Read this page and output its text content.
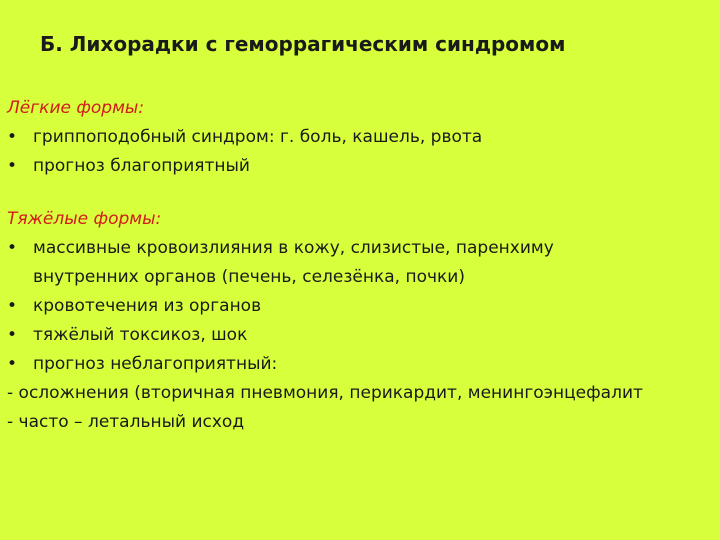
Б. Лихорадки с геморрагическим синдромом
Лёгкие формы:
• гриппоподобный синдром: г. боль, кашель, рвота
• прогноз благоприятный
Тяжёлые формы:
• массивные кровоизлияния в кожу, слизистые, паренхиму
внутренних органов (печень, селезёнка, почки)
• кровотечения из органов
• тяжёлый токсикоз, шок
• прогноз неблагоприятный:
- осложнения (вторичная пневмония, перикардит, менингоэнцефалит
- часто – летальный исход
